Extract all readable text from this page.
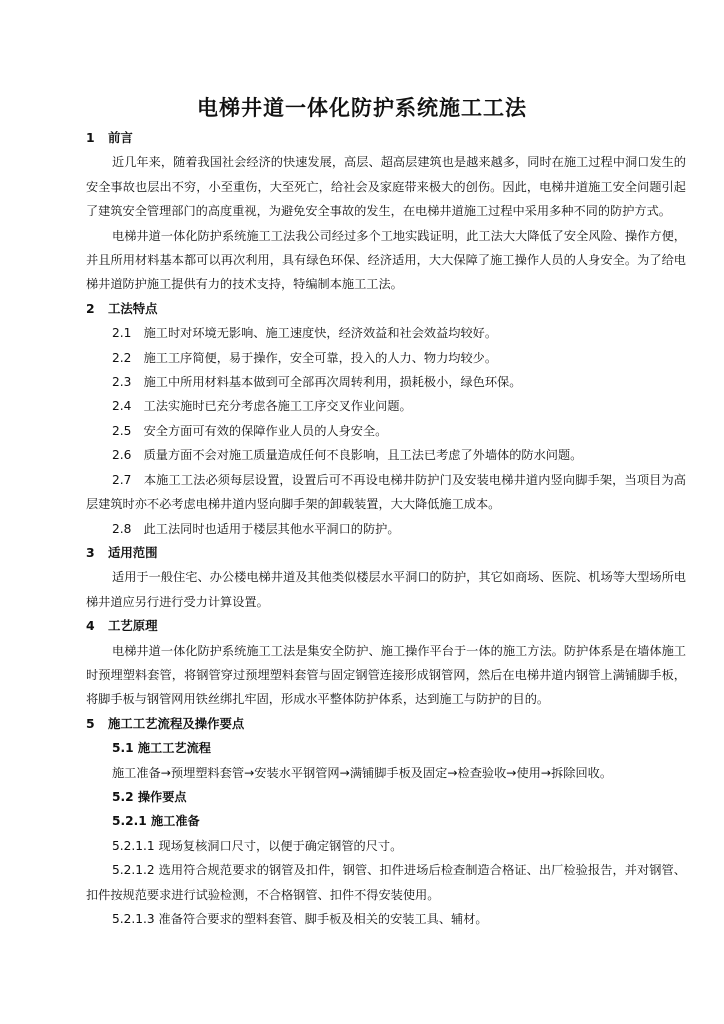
电梯井道一体化防护系统施工工法
1 前言
近几年来，随着我国社会经济的快速发展，高层、超高层建筑也是越来越多，同时在施工过程中洞口发生的安全事故也层出不穷，小至重伤，大至死亡，给社会及家庭带来极大的创伤。因此，电梯井道施工安全问题引起了建筑安全管理部门的高度重视，为避免安全事故的发生，在电梯井道施工过程中采用多种不同的防护方式。
电梯井道一体化防护系统施工工法我公司经过多个工地实践证明，此工法大大降低了安全风险、操作方便，并且所用材料基本都可以再次利用，具有绿色环保、经济适用，大大保障了施工操作人员的人身安全。为了给电梯井道防护施工提供有力的技术支持，特编制本施工工法。
2 工法特点
2.1　施工时对环境无影响、施工速度快，经济效益和社会效益均较好。
2.2　施工工序简便，易于操作，安全可靠，投入的人力、物力均较少。
2.3　施工中所用材料基本做到可全部再次周转利用，损耗极小，绿色环保。
2.4　工法实施时已充分考虑各施工工序交叉作业问题。
2.5　安全方面可有效的保障作业人员的人身安全。
2.6　质量方面不会对施工质量造成任何不良影响，且工法已考虑了外墙体的防水问题。
2.7　本施工工法必须每层设置，设置后可不再设电梯井防护门及安装电梯井道内竖向脚手架，当项目为高层建筑时亦不必考虑电梯井道内竖向脚手架的卸载装置，大大降低施工成本。
2.8　此工法同时也适用于楼层其他水平洞口的防护。
3 适用范围
适用于一般住宅、办公楼电梯井道及其他类似楼层水平洞口的防护，其它如商场、医院、机场等大型场所电梯井道应另行进行受力计算设置。
4 工艺原理
电梯井道一体化防护系统施工工法是集安全防护、施工操作平台于一体的施工方法。防护体系是在墙体施工时预埋塑料套管，将钢管穿过预埋塑料套管与固定钢管连接形成钢管网，然后在电梯井道内钢管上满铺脚手板，将脚手板与钢管网用铁丝绑扎牢固，形成水平整体防护体系，达到施工与防护的目的。
5 施工工艺流程及操作要点
5.1 施工工艺流程
施工准备→预埋塑料套管→安装水平钢管网→满铺脚手板及固定→检查验收→使用→拆除回收。
5.2 操作要点
5.2.1 施工准备
5.2.1.1 现场复核洞口尺寸，以便于确定钢管的尺寸。
5.2.1.2 选用符合规范要求的钢管及扣件，钢管、扣件进场后检查制造合格证、出厂检验报告，并对钢管、扣件按规范要求进行试验检测，不合格钢管、扣件不得安装使用。
5.2.1.3 准备符合要求的塑料套管、脚手板及相关的安装工具、辅材。
